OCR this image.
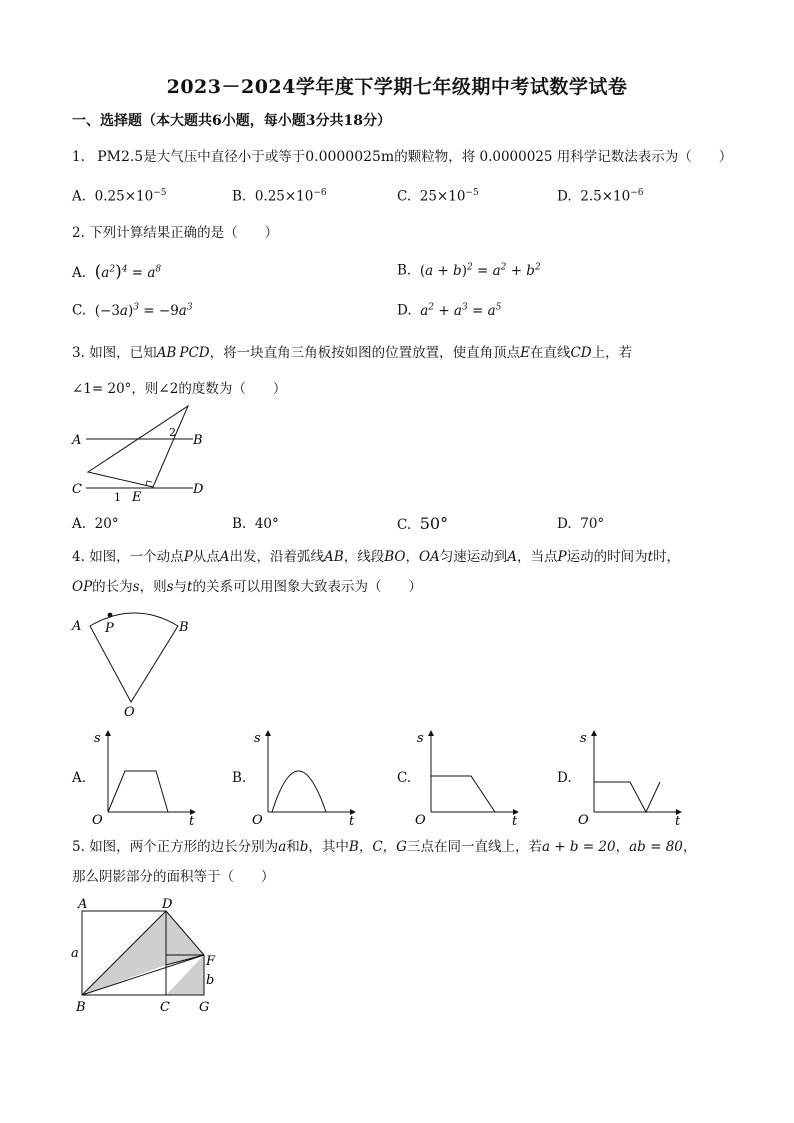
2023－2024学年度下学期七年级期中考试数学试卷
一、选择题（本大题共6小题，每小题3分共18分）
1. PM2.5是大气压中直径小于或等于0.0000025m的颗粒物，将 0.0000025 用科学记数法表示为（　　）
A. $0.25\times 10^{-5}$	B. $0.25\times 10^{-6}$	C. $25\times 10^{-5}$	D. $2.5\times 10^{-6}$
2. 下列计算结果正确的是（　　）
A. $(a^2)^4 = a^8$	B. $(a + b)^2 = a^2 + b^2$
C. $(-3a)^3 = -9a^3$	D. $a^2 + a^3 = a^5$
3. 如图，已知AB PCD，将一块直角三角板按如图的位置放置，使直角顶点E在直线CD上，若
∠1= 20°，则∠2的度数为（　　）
A	B
C	D
E
1
2
A. 20°	B. 40°	C. 50°	D. 70°
4. 如图，一个动点P从点A出发，沿着弧线AB，线段BO，OA匀速运动到A，当点P运动的时间为t时，
OP的长为s，则s与t的关系可以用图象大致表示为（　　）
A P	B
O
A.
s
O	t
B.
s
O	t
C.
s
O	t
D.
s
O	t
5. 如图，两个正方形的边长分别为a和b，其中B，C，G三点在同一直线上，若a + b = 20，ab = 80，
那么阴影部分的面积等于（　　）
A	D
a
F
b
B	C G
